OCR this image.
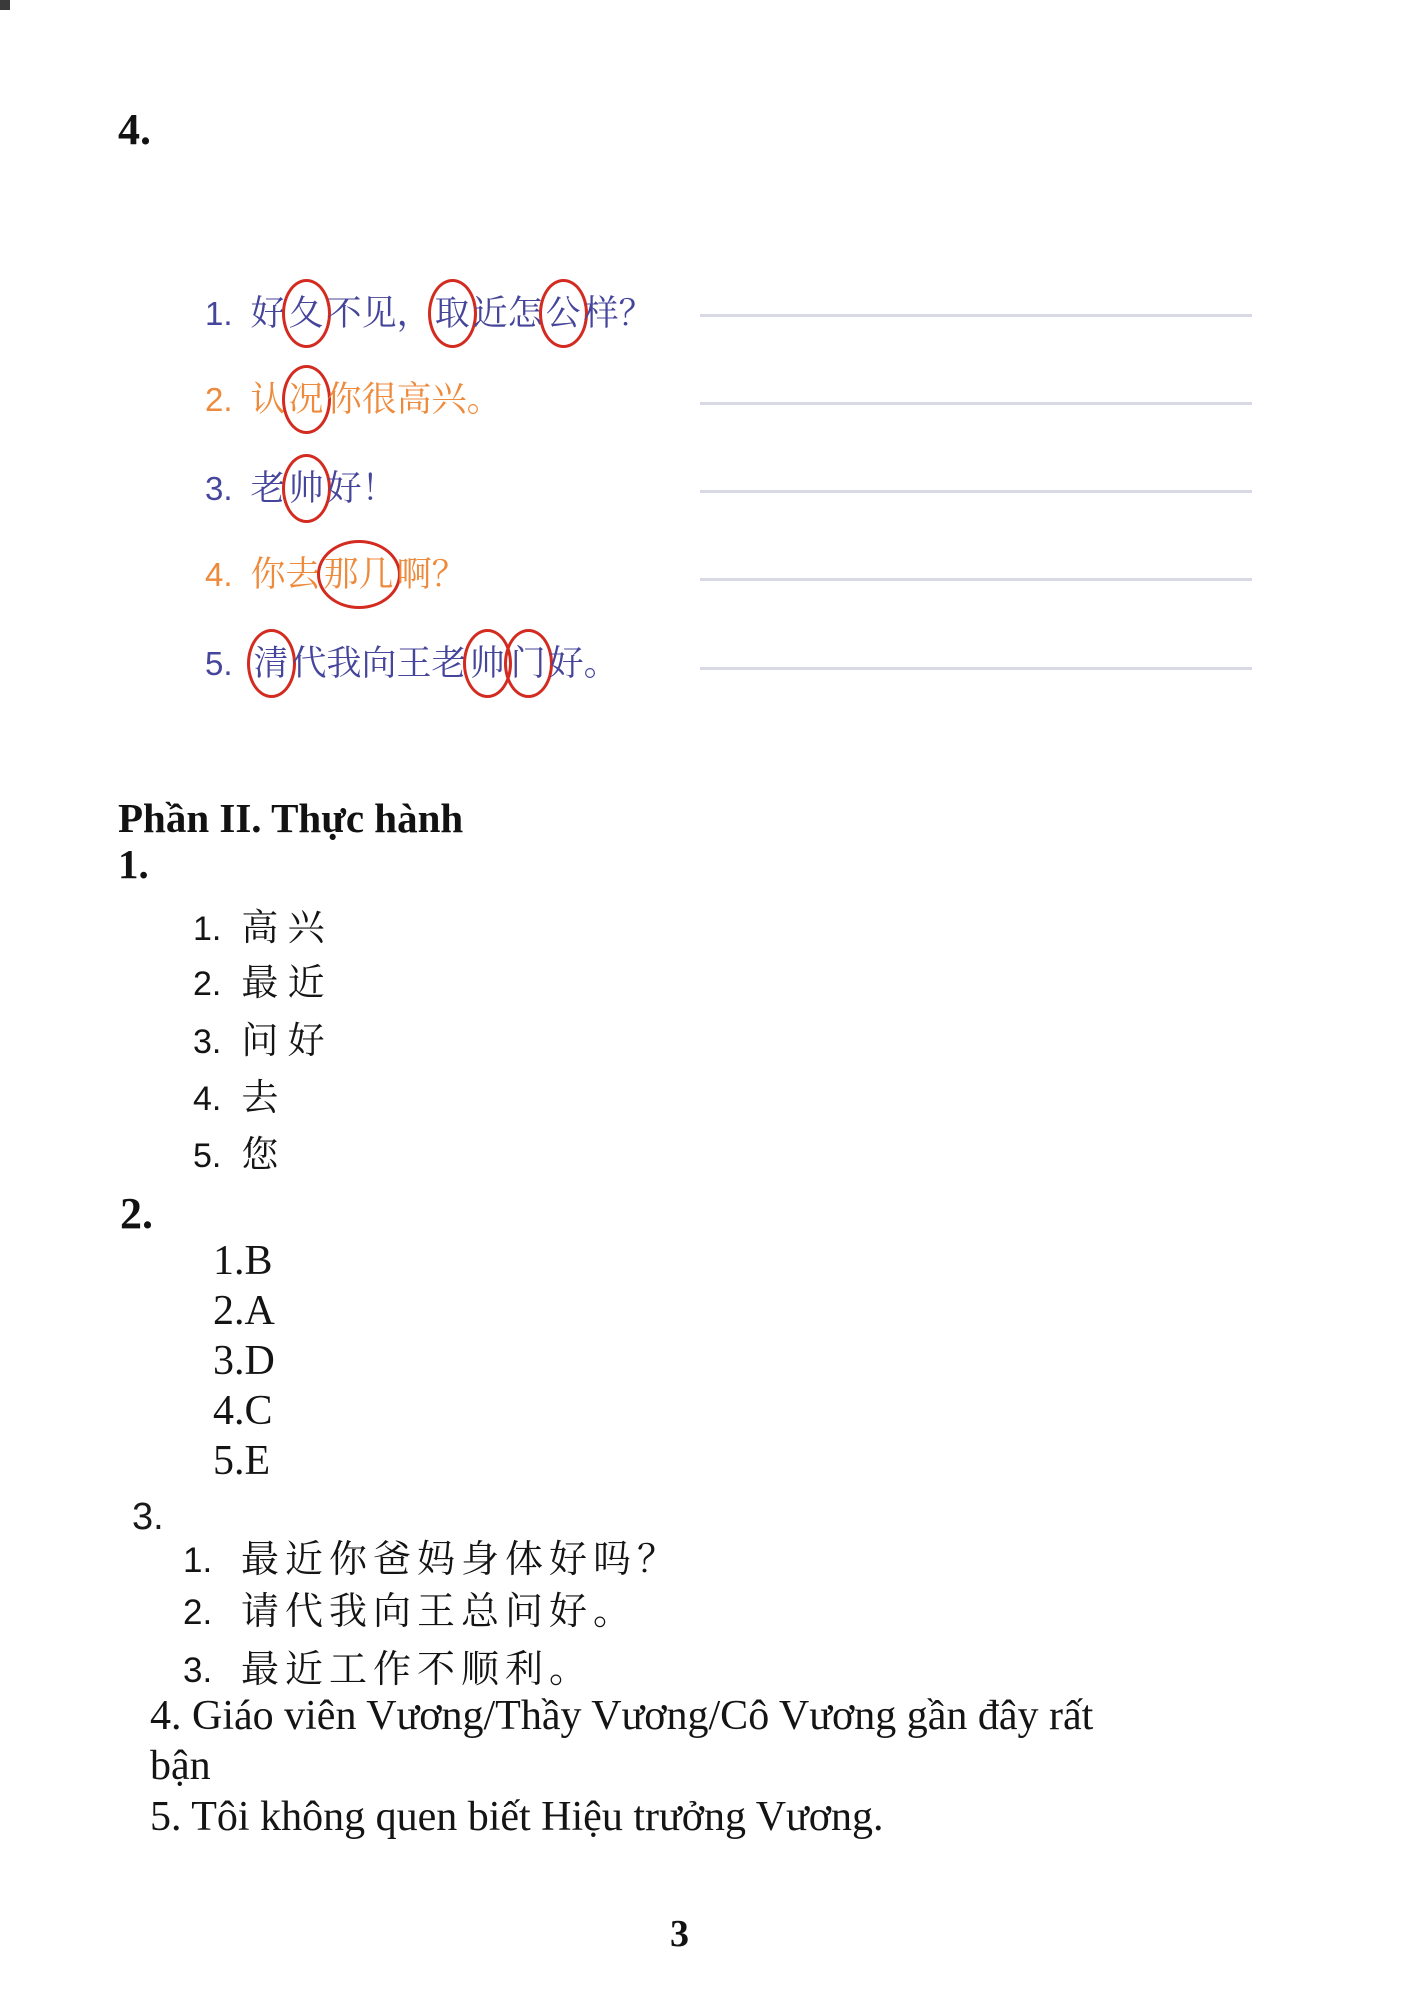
4.
1. 好夂不见，取近怎公样？
2. 认况你很高兴。
3. 老帅好！
4. 你去那几啊？
5. 清代我向王老帅 门好。
Phần II. Thực hành
1.
1. 高 兴
2. 最 近
3. 问 好
4. 去
5. 您
2.
1.B
2.A
3.D
4.C
5.E
3.
1. 最近你爸妈身体好吗？
2. 请代我向王总问好。
3. 最近工作不顺利。
4. Giáo viên Vương/Thầy Vương/Cô Vương gần đây rất
bận
5. Tôi không quen biết Hiệu trưởng Vương.
3
